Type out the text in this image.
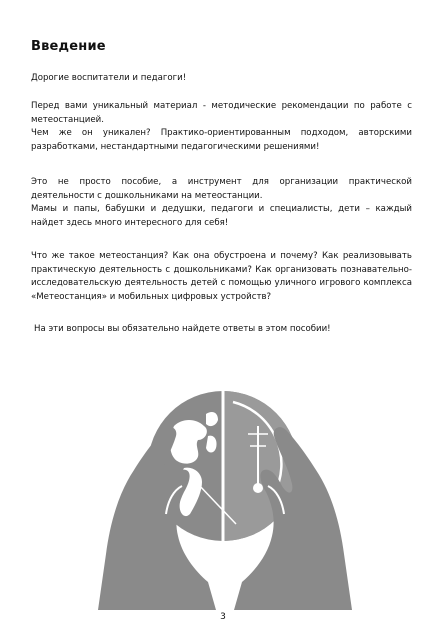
Введение

Дорогие воспитатели и педагоги!

Перед вами уникальный материал - методические рекомендации по работе с метеостанцией.
Чем же он уникален? Практико-ориентированным подходом, авторскими разработками, нестандартными педагогическими решениями!

Это не просто пособие, а инструмент для организации практической деятельности с дошкольниками на метеостанции.
Мамы и папы, бабушки и дедушки, педагоги и специалисты, дети – каждый найдет здесь много интересного для себя!

Что же такое метеостанция? Как она обустроена и почему? Как реализовывать практическую деятельность с дошкольниками? Как организовать познавательно-исследовательскую деятельность детей с помощью уличного игрового комплекса «Метеостанция» и мобильных цифровых устройств?

На эти вопросы вы обязательно найдете ответы в этом пособии!

3
